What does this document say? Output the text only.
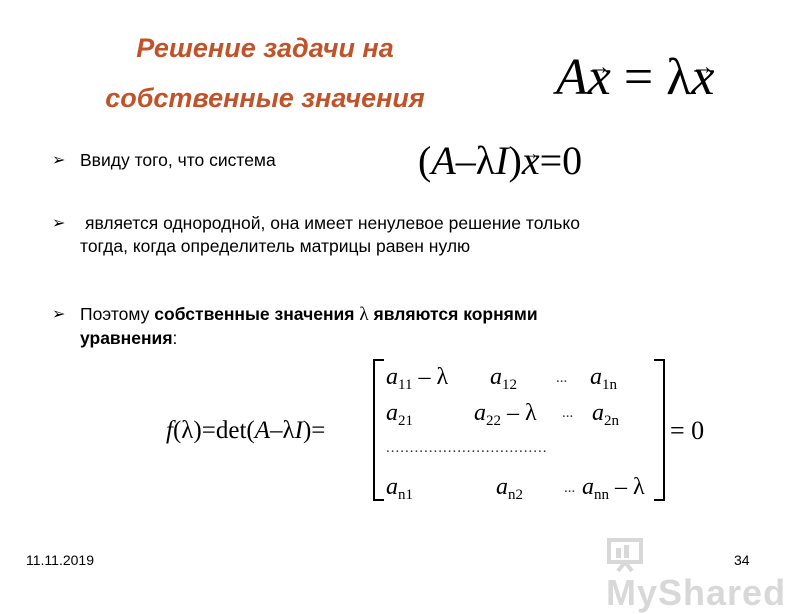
Решение задачи на
собственные значения	A→ x = λ→ x
➢ Ввиду того, что система	(A–λI)→ x=0
➢ является однородной, она имеет ненулевое решение только
тогда, когда определитель матрицы равен нулю
➢ Поэтому собственные значения λ являются корнями
уравнения:
f(λ)=det(A–λI)=
$a_{11}$ – λ $a_{12}$	... $a_{1n}$
$a_{21}$	$a_{22}$ – λ ... $a_{2n}$
..................................
$a_{n1}$	$a_{n2}$	... $a_{nn}$ – λ
= 0
11.11.2019
MyShared
34
